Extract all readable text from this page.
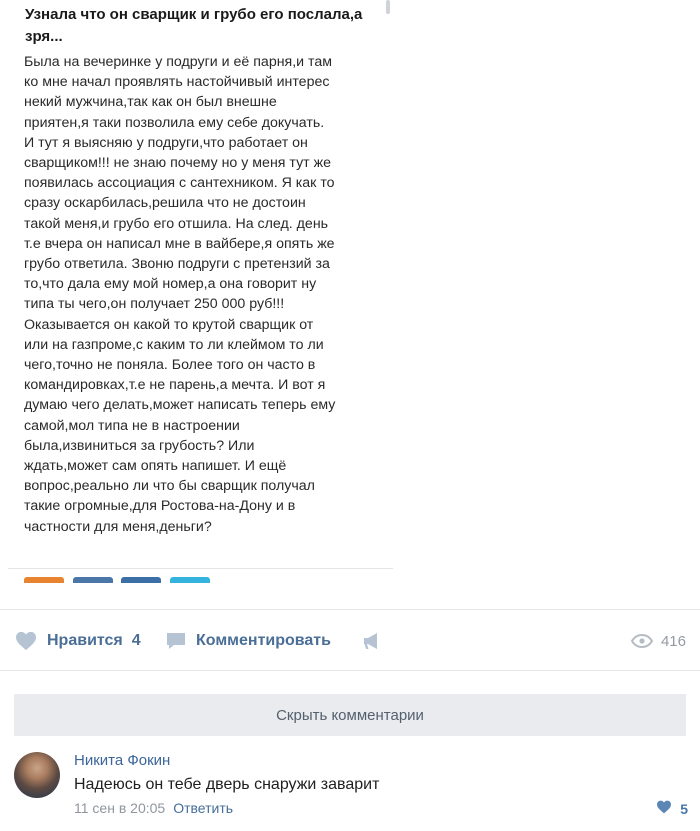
Узнала что он сварщик и грубо его послала,а зря...
Была на вечеринке у подруги и её парня,и там
ко мне начал проявлять настойчивый интерес
некий мужчина,так как он был внешне
приятен,я таки позволила ему себе докучать.
И тут я выясняю у подруги,что работает он
сварщиком!!! не знаю почему но у меня тут же
появилась ассоциация с сантехником. Я как то
сразу оскарбилась,решила что не достоин
такой меня,и грубо его отшила. На след. день
т.е вчера он написал мне в вайбере,я опять же
грубо ответила. Звоню подруги с претензий за
то,что дала ему мой номер,а она говорит ну
типа ты чего,он получает 250 000 руб!!!
Оказывается он какой то крутой сварщик от
или на газпроме,с каким то ли клеймом то ли
чего,точно не поняла. Более того он часто в
командировках,т.е не парень,а мечта. И вот я
думаю чего делать,может написать теперь ему
самой,мол типа не в настроении
была,извиниться за грубость? Или
ждать,может сам опять напишет. И ещё
вопрос,реально ли что бы сварщик получал
такие огромные,для Ростова-на-Дону и в
частности для меня,деньги?
Нравится 4	Комментировать	416
Скрыть комментарии
Никита Фокин
Надеюсь он тебе дверь снаружи заварит
11 сен в 20:05 Ответить	5
